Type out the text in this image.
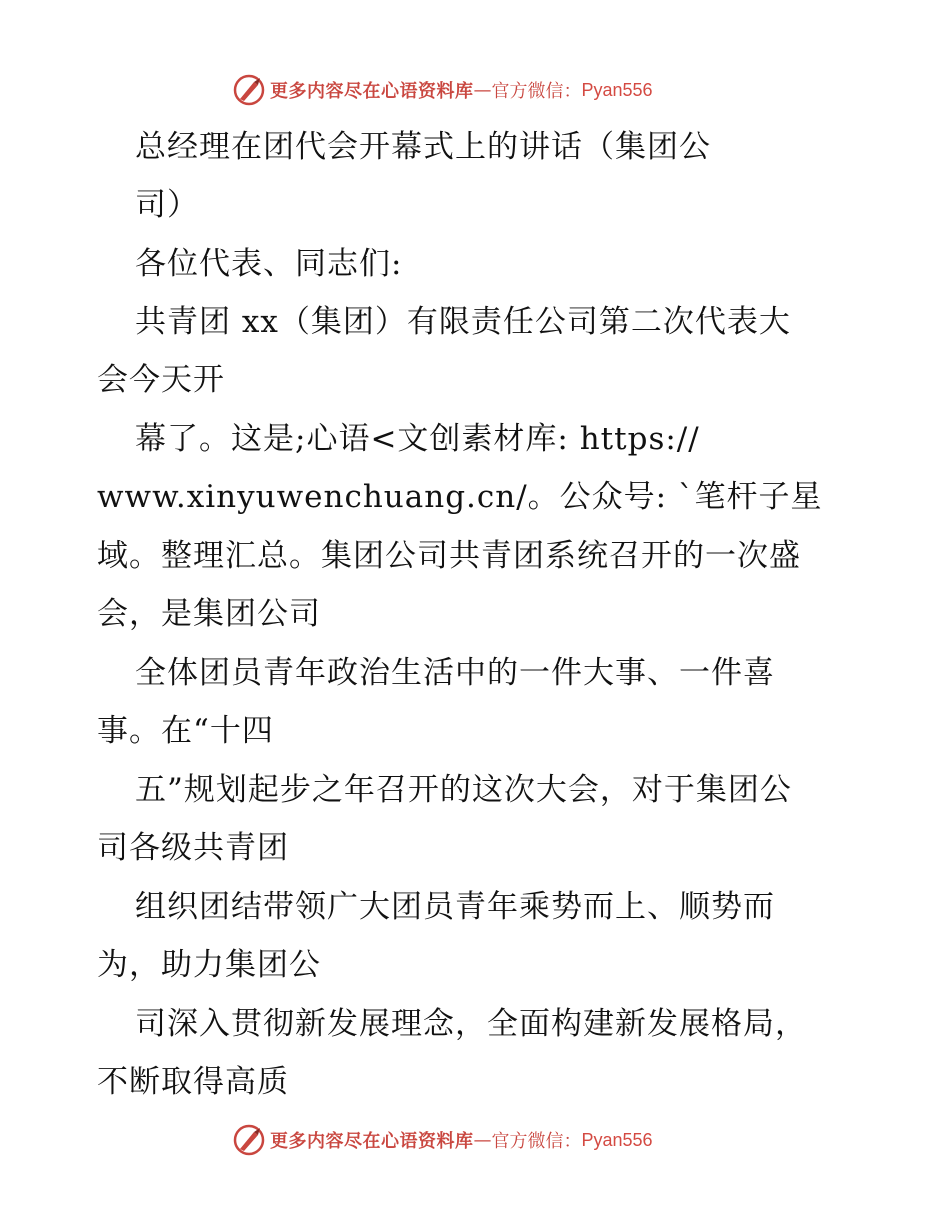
更多内容尽在心语资料库 — 官方微信： Pyan556
总经理在团代会开幕式上的讲话（集团公
司）
各位代表、同志们:
共青团 xx（集团）有限责任公司第二次代表大
会今天开
幕了。这是;心语<文创素材库: https://
www.xinyuwenchuang.cn/。公众号: `笔杆子星
域。整理汇总。集团公司共青团系统召开的一次盛
会，是集团公司
全体团员青年政治生活中的一件大事、一件喜
事。在“十四
五”规划起步之年召开的这次大会，对于集团公
司各级共青团
组织团结带领广大团员青年乘势而上、顺势而
为，助力集团公
司深入贯彻新发展理念，全面构建新发展格局，
不断取得高质
更多内容尽在心语资料库 — 官方微信： Pyan556
